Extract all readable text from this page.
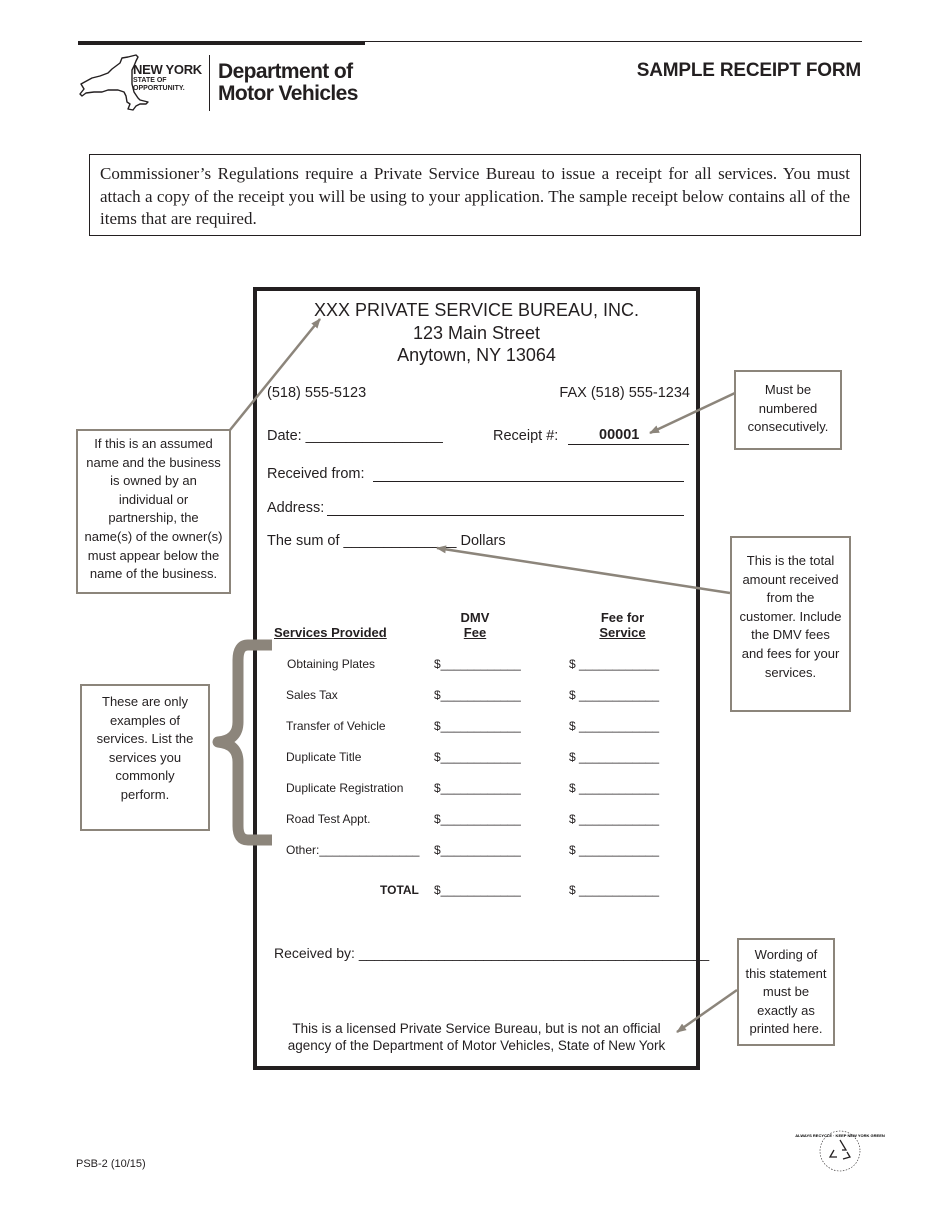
NEW YORK
STATE OF
OPPORTUNITY.
Department of
Motor Vehicles
SAMPLE RECEIPT FORM
Commissioner’s Regulations require a Private Service Bureau to issue a receipt for all services. You must attach a copy of the receipt you will be using to your application. The sample receipt below contains all of the items that are required.
XXX PRIVATE SERVICE BUREAU, INC.
123 Main Street
Anytown, NY 13064
(518) 555-5123	FAX (518) 555-1234
Date: _________________	Receipt #:	00001
Received from:
Address:
The sum of ______________ Dollars
Services Provided
DMV
Fee
Fee for
Service
Obtaining Plates	$____________	$ ____________
Sales Tax	$____________	$ ____________
Transfer of Vehicle	$____________	$ ____________
Duplicate Title	$____________	$ ____________
Duplicate Registration	$____________	$ ____________
Road Test Appt.	$____________	$ ____________
Other:_______________ $____________	$ ____________
TOTAL $____________	$ ____________
Received by: _____________________________________________
This is a licensed Private Service Bureau, but is not an official
agency of the Department of Motor Vehicles, State of New York
If this is an assumed
name and the business
is owned by an
individual or
partnership, the
name(s) of the owner(s)
must appear below the
name of the business.
Must be
numbered
consecutively.
This is the total
amount received
from the
customer. Include
the DMV fees
and fees for your
services.
These are only
examples of
services. List the
services you
commonly
perform.
Wording of
this statement
must be
exactly as
printed here.
PSB-2 (10/15)
ALWAYS RECYCLE · KEEP NEW YORK GREEN
